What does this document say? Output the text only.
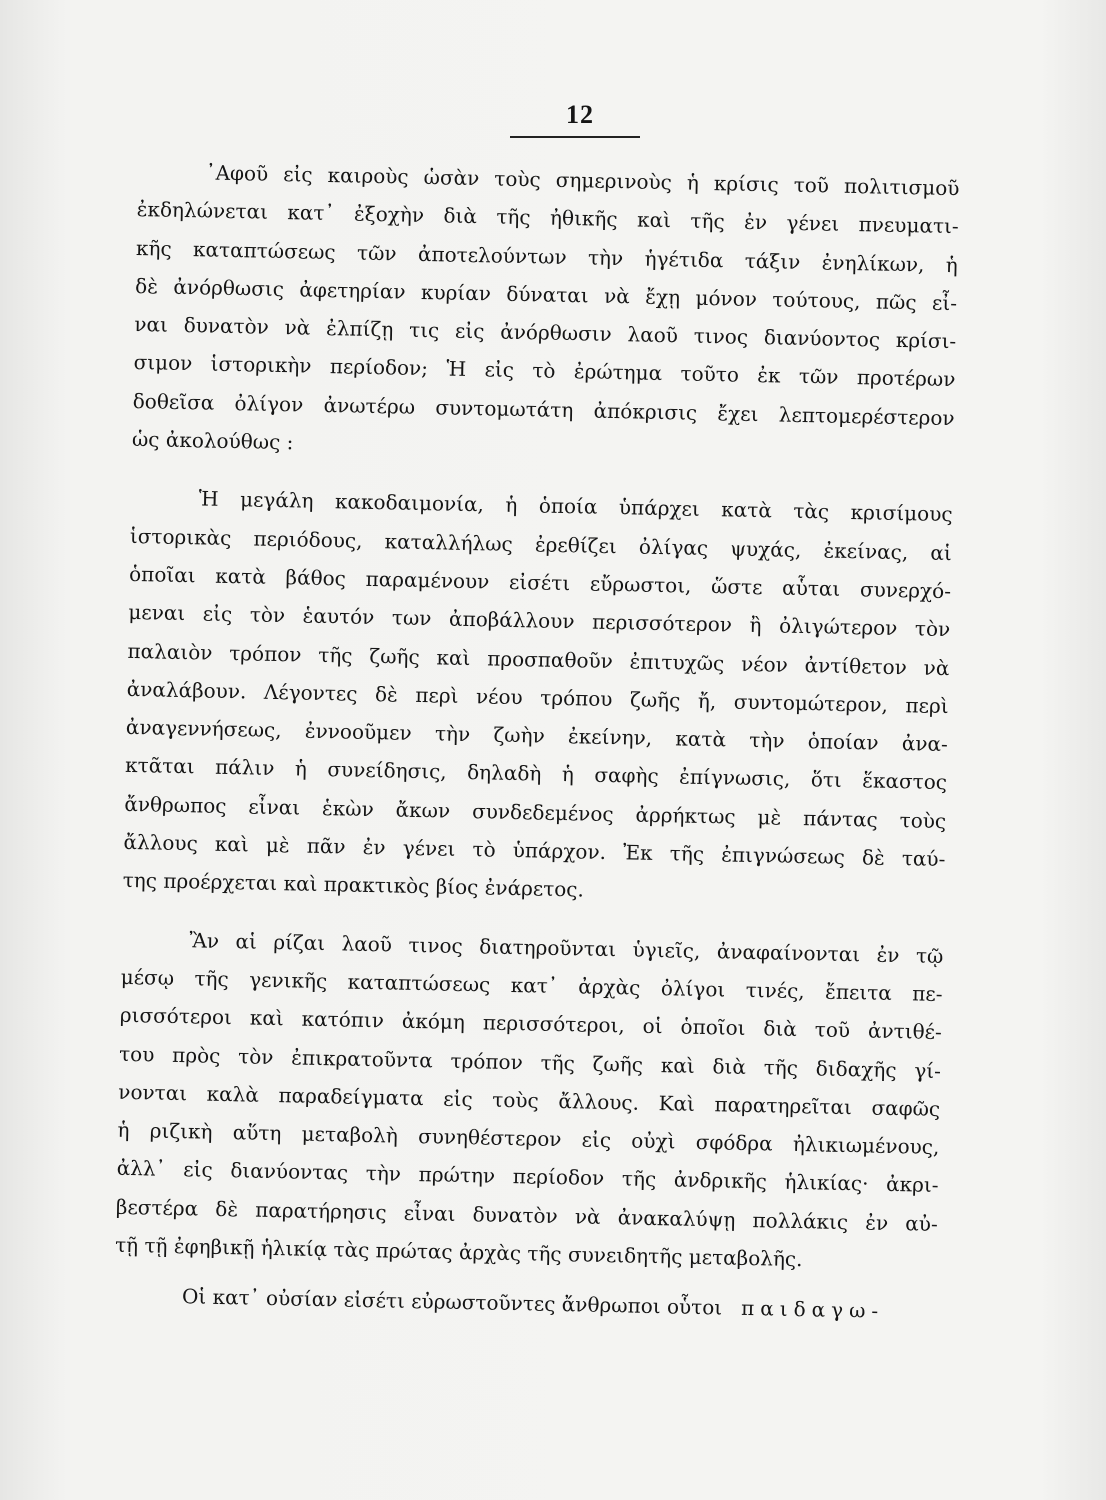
12
᾿Αφοῦ εἰς καιροὺς ὡσὰν τοὺς σημερινοὺς ἡ κρίσις τοῦ πολιτισμοῦ
ἐκδηλώνεται κατ᾿ ἐξοχὴν διὰ τῆς ἠθικῆς καὶ τῆς ἐν γένει πνευματι-
κῆς καταπτώσεως τῶν ἀποτελούντων τὴν ἡγέτιδα τάξιν ἐνηλίκων, ἡ
δὲ ἀνόρθωσις ἀφετηρίαν κυρίαν δύναται νὰ ἔχῃ μόνον τούτους, πῶς εἶ-
ναι δυνατὸν νὰ ἐλπίζῃ τις εἰς ἀνόρθωσιν λαοῦ τινος διανύοντος κρίσι-
σιμον ἱστορικὴν περίοδον; Ἡ εἰς τὸ ἐρώτημα τοῦτο ἐκ τῶν προτέρων
δοθεῖσα ὀλίγον ἀνωτέρω συντομωτάτη ἀπόκρισις ἔχει λεπτομερέστερον
ὡς ἀκολούθως :
Ἡ μεγάλη κακοδαιμονία, ἡ ὁποία ὑπάρχει κατὰ τὰς κρισίμους
ἱστορικὰς περιόδους, καταλλήλως ἐρεθίζει ὀλίγας ψυχάς, ἐκείνας, αἱ
ὁποῖαι κατὰ βάθος παραμένουν εἰσέτι εὔρωστοι, ὥστε αὗται συνερχό-
μεναι εἰς τὸν ἑαυτόν των ἀποβάλλουν περισσότερον ἢ ὀλιγώτερον τὸν
παλαιὸν τρόπον τῆς ζωῆς καὶ προσπαθοῦν ἐπιτυχῶς νέον ἀντίθετον νὰ
ἀναλάβουν. Λέγοντες δὲ περὶ νέου τρόπου ζωῆς ἤ, συντομώτερον, περὶ
ἀναγεννήσεως, ἐννοοῦμεν τὴν ζωὴν ἐκείνην, κατὰ τὴν ὁποίαν ἀνα-
κτᾶται πάλιν ἡ συνείδησις, δηλαδὴ ἡ σαφὴς ἐπίγνωσις, ὅτι ἕκαστος
ἄνθρωπος εἶναι ἑκὼν ἄκων συνδεδεμένος ἀρρήκτως μὲ πάντας τοὺς
ἄλλους καὶ μὲ πᾶν ἐν γένει τὸ ὑπάρχον. Ἐκ τῆς ἐπιγνώσεως δὲ ταύ-
της προέρχεται καὶ πρακτικὸς βίος ἐνάρετος.
Ἂν αἱ ρίζαι λαοῦ τινος διατηροῦνται ὑγιεῖς, ἀναφαίνονται ἐν τῷ
μέσῳ τῆς γενικῆς καταπτώσεως κατ᾿ ἀρχὰς ὀλίγοι τινές, ἔπειτα πε-
ρισσότεροι καὶ κατόπιν ἀκόμη περισσότεροι, οἱ ὁποῖοι διὰ τοῦ ἀντιθέ-
του πρὸς τὸν ἐπικρατοῦντα τρόπον τῆς ζωῆς καὶ διὰ τῆς διδαχῆς γί-
νονται καλὰ παραδείγματα εἰς τοὺς ἄλλους. Καὶ παρατηρεῖται σαφῶς
ἡ ριζικὴ αὕτη μεταβολὴ συνηθέστερον εἰς οὐχὶ σφόδρα ἠλικιωμένους,
ἀλλ᾿ εἰς διανύοντας τὴν πρώτην περίοδον τῆς ἀνδρικῆς ἡλικίας· ἀκρι-
βεστέρα δὲ παρατήρησις εἶναι δυνατὸν νὰ ἀνακαλύψῃ πολλάκις ἐν αὐ-
τῇ τῇ ἐφηβικῇ ἡλικίᾳ τὰς πρώτας ἀρχὰς τῆς συνειδητῆς μεταβολῆς.
Οἱ κατ᾿ οὐσίαν εἰσέτι εὐρωστοῦντες ἄνθρωποι οὗτοι παιδαγω-
